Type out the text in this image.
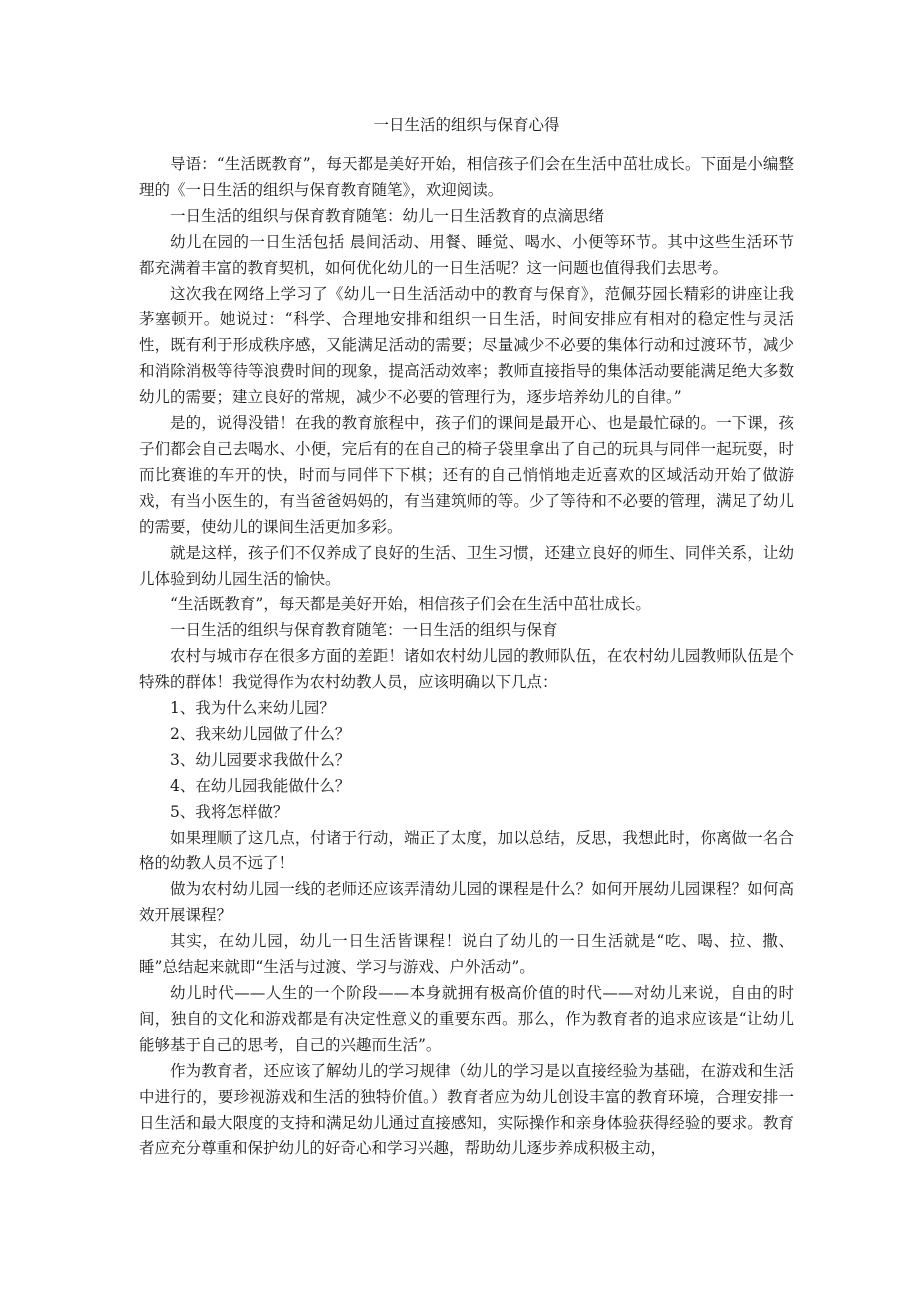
一日生活的组织与保育心得

导语：“生活既教育”，每天都是美好开始，相信孩子们会在生活中茁壮成长。下面是小编整理的《一日生活的组织与保育教育随笔》，欢迎阅读。

一日生活的组织与保育教育随笔：幼儿一日生活教育的点滴思绪

幼儿在园的一日生活包括 晨间活动、用餐、睡觉、喝水、小便等环节。其中这些生活环节都充满着丰富的教育契机，如何优化幼儿的一日生活呢？这一问题也值得我们去思考。

这次我在网络上学习了《幼儿一日生活活动中的教育与保育》，范佩芬园长精彩的讲座让我茅塞顿开。她说过：“科学、合理地安排和组织一日生活，时间安排应有相对的稳定性与灵活性，既有利于形成秩序感，又能满足活动的需要；尽量减少不必要的集体行动和过渡环节，减少和消除消极等待等浪费时间的现象，提高活动效率；教师直接指导的集体活动要能满足绝大多数幼儿的需要；建立良好的常规，减少不必要的管理行为，逐步培养幼儿的自律。”

是的，说得没错！在我的教育旅程中，孩子们的课间是最开心、也是最忙碌的。一下课，孩子们都会自己去喝水、小便，完后有的在自己的椅子袋里拿出了自己的玩具与同伴一起玩耍，时而比赛谁的车开的快，时而与同伴下下棋；还有的自己悄悄地走近喜欢的区域活动开始了做游戏，有当小医生的，有当爸爸妈妈的，有当建筑师的等。少了等待和不必要的管理，满足了幼儿的需要，使幼儿的课间生活更加多彩。

就是这样，孩子们不仅养成了良好的生活、卫生习惯，还建立良好的师生、同伴关系，让幼儿体验到幼儿园生活的愉快。

“生活既教育”，每天都是美好开始，相信孩子们会在生活中茁壮成长。

一日生活的组织与保育教育随笔：一日生活的组织与保育

农村与城市存在很多方面的差距！诸如农村幼儿园的教师队伍，在农村幼儿园教师队伍是个特殊的群体！我觉得作为农村幼教人员，应该明确以下几点：

1、我为什么来幼儿园？

2、我来幼儿园做了什么？

3、幼儿园要求我做什么？

4、在幼儿园我能做什么？

5、我将怎样做？

如果理顺了这几点，付诸于行动，端正了太度，加以总结，反思，我想此时，你离做一名合格的幼教人员不远了！

做为农村幼儿园一线的老师还应该弄清幼儿园的课程是什么？如何开展幼儿园课程？如何高效开展课程？

其实，在幼儿园，幼儿一日生活皆课程！说白了幼儿的一日生活就是“吃、喝、拉、撒、睡”总结起来就即“生活与过渡、学习与游戏、户外活动”。

幼儿时代——人生的一个阶段——本身就拥有极高价值的时代——对幼儿来说，自由的时间，独自的文化和游戏都是有决定性意义的重要东西。那么，作为教育者的追求应该是“让幼儿能够基于自己的思考，自己的兴趣而生活”。

作为教育者，还应该了解幼儿的学习规律（幼儿的学习是以直接经验为基础，在游戏和生活中进行的，要珍视游戏和生活的独特价值。）教育者应为幼儿创设丰富的教育环境，合理安排一日生活和最大限度的支持和满足幼儿通过直接感知，实际操作和亲身体验获得经验的要求。教育者应充分尊重和保护幼儿的好奇心和学习兴趣，帮助幼儿逐步养成积极主动，
